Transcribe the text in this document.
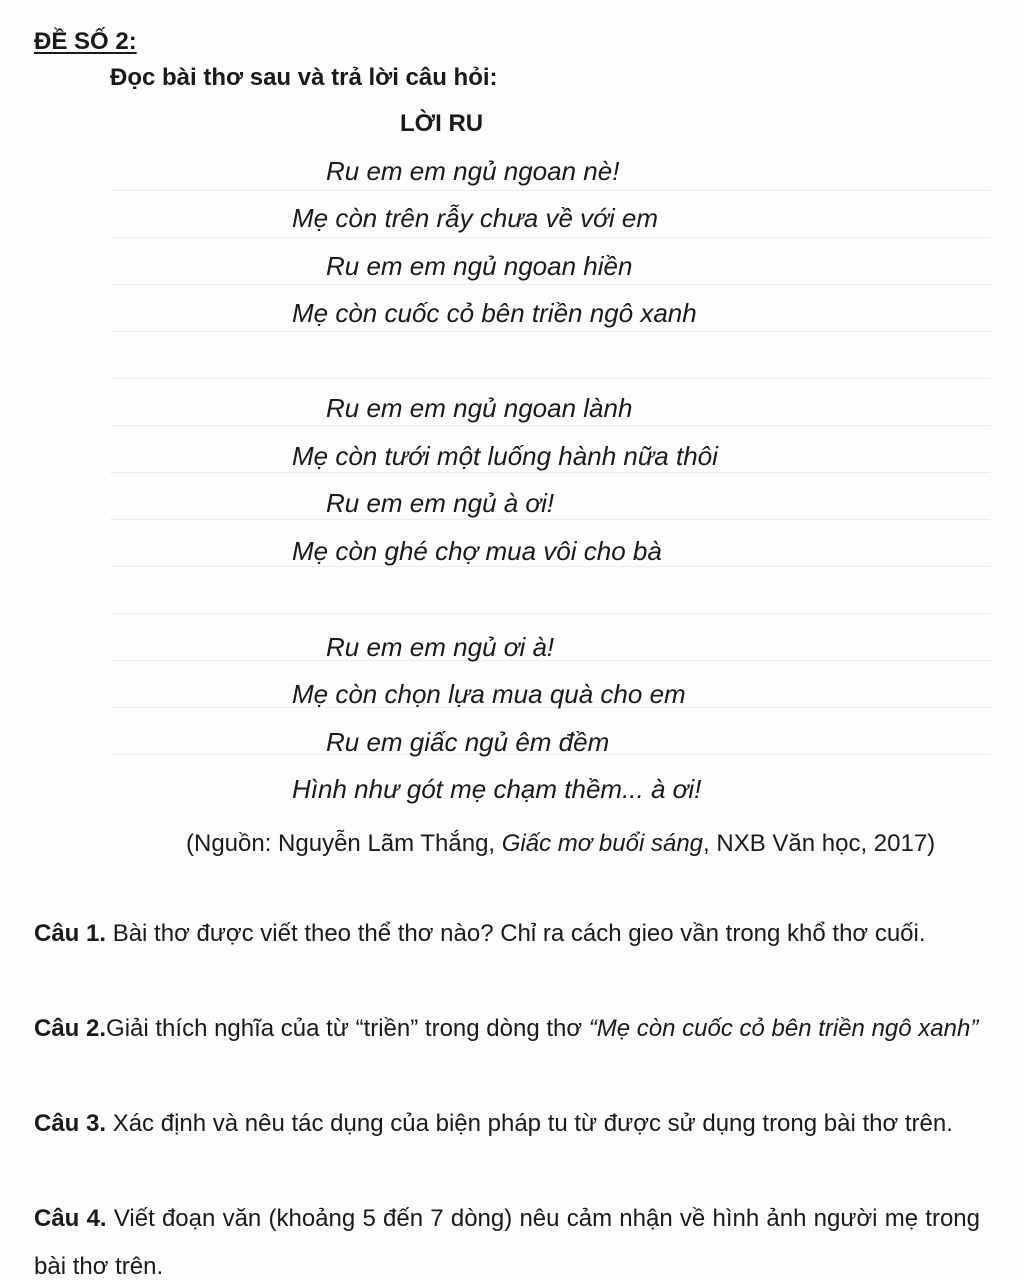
ĐỀ SỐ 2:
Đọc bài thơ sau và trả lời câu hỏi:
LỜI RU
Ru em em ngủ ngoan nè!
Mẹ còn trên rẫy chưa về với em
Ru em em ngủ ngoan hiền
Mẹ còn cuốc cỏ bên triền ngô xanh
Ru em em ngủ ngoan lành
Mẹ còn tưới một luống hành nữa thôi
Ru em em ngủ à ơi!
Mẹ còn ghé chợ mua vôi cho bà
Ru em em ngủ ơi à!
Mẹ còn chọn lựa mua quà cho em
Ru em giấc ngủ êm đềm
Hình như gót mẹ chạm thềm... à ơi!
(Nguồn: Nguyễn Lãm Thắng, Giấc mơ buổi sáng, NXB Văn học, 2017)
Câu 1. Bài thơ được viết theo thể thơ nào? Chỉ ra cách gieo vần trong khổ thơ cuối.
Câu 2.Giải thích nghĩa của từ “triền” trong dòng thơ “Mẹ còn cuốc cỏ bên triền ngô xanh”
Câu 3. Xác định và nêu tác dụng của biện pháp tu từ được sử dụng trong bài thơ trên.
Câu 4. Viết đoạn văn (khoảng 5 đến 7 dòng) nêu cảm nhận về hình ảnh người mẹ trong bài thơ trên.
